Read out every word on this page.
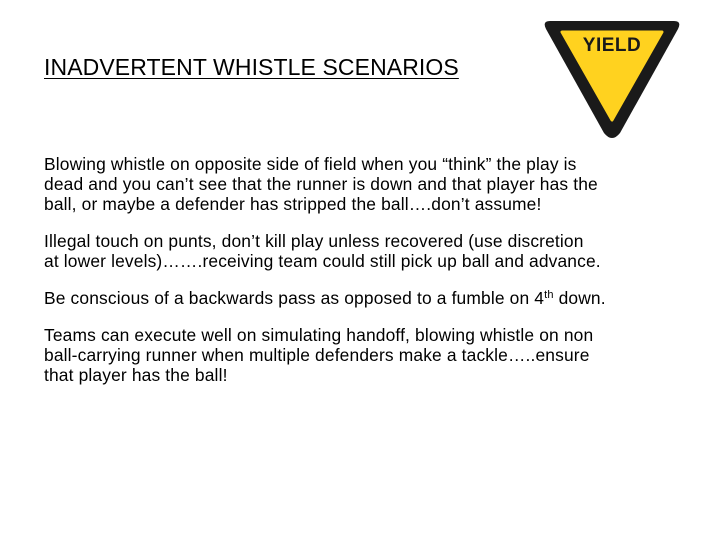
INADVERTENT WHISTLE SCENARIOS
YIELD

Blowing whistle on opposite side of field when you “think” the play is
dead and you can’t see that the runner is down and that player has the
ball, or maybe a defender has stripped the ball….don’t assume!

Illegal touch on punts, don’t kill play unless recovered (use discretion
at lower levels)…….receiving team could still pick up ball and advance.

Be conscious of a backwards pass as opposed to a fumble on 4th down.

Teams can execute well on simulating handoff, blowing whistle on non
ball-carrying runner when multiple defenders make a tackle…..ensure
that player has the ball!
